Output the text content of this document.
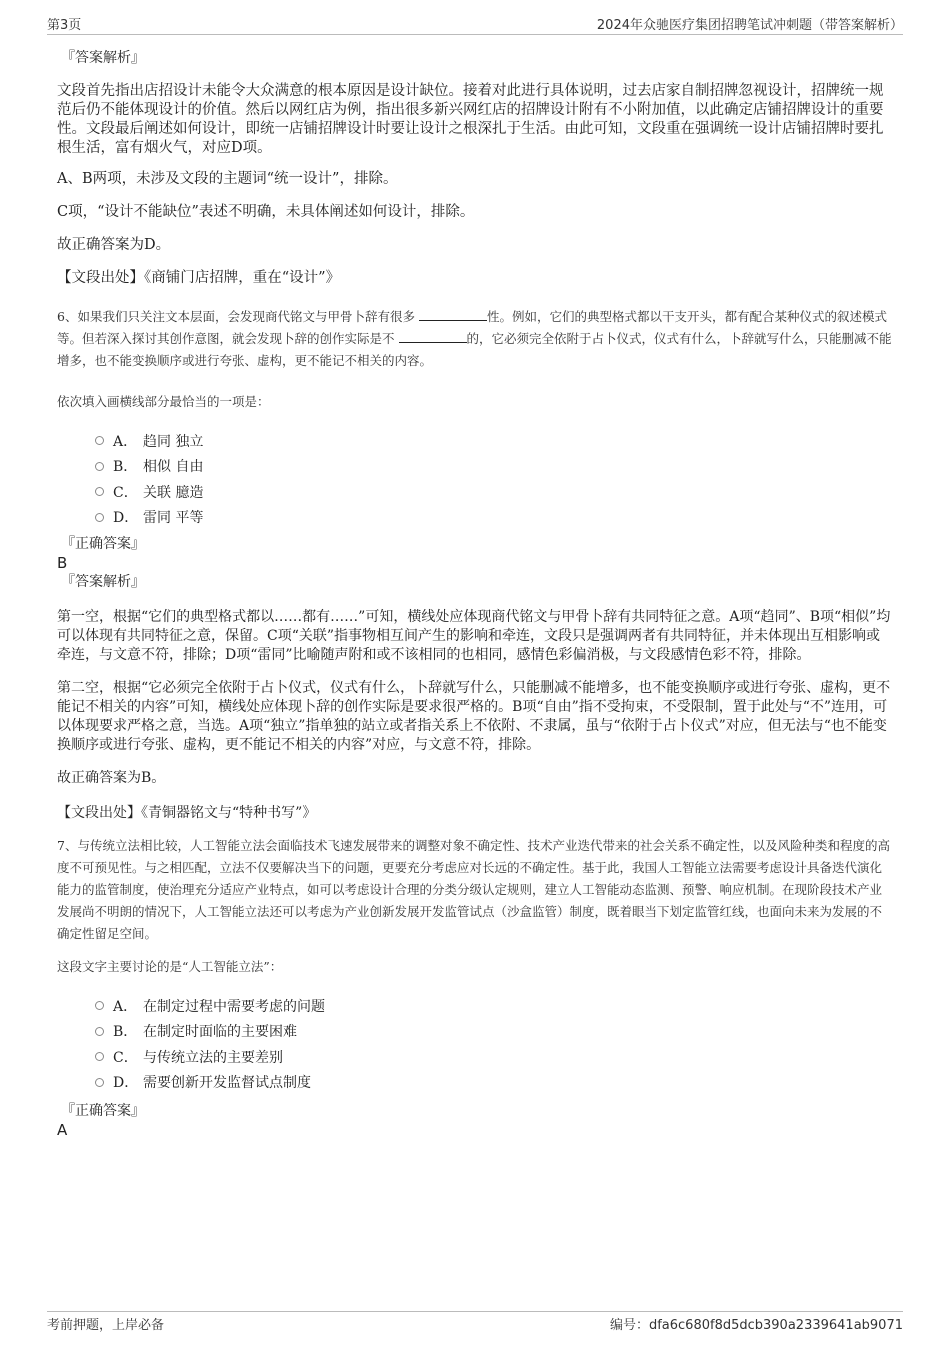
第3页	2024年众驰医疗集团招聘笔试冲刺题（带答案解析）
『答案解析』

文段首先指出店招设计未能令大众满意的根本原因是设计缺位。接着对此进行具体说明，过去店家自制招牌忽视设计，招牌统一规范后仍不能体现设计的价值。然后以网红店为例，指出很多新兴网红店的招牌设计附有不小附加值，以此确定店铺招牌设计的重要性。文段最后阐述如何设计，即统一店铺招牌设计时要让设计之根深扎于生活。由此可知，文段重在强调统一设计店铺招牌时要扎根生活，富有烟火气，对应D项。

A、B两项，未涉及文段的主题词“统一设计”，排除。

C项，“设计不能缺位”表述不明确，未具体阐述如何设计，排除。

故正确答案为D。

【文段出处】《商铺门店招牌，重在“设计”》

6、如果我们只关注文本层面，会发现商代铭文与甲骨卜辞有很多	性。例如，它们的典型格式都以干支开头，都有配合某种仪式的叙述模式等。但若深入探讨其创作意图，就会发现卜辞的创作实际是不	的，它必须完全依附于占卜仪式，仪式有什么，卜辞就写什么，只能删减不能增多，也不能变换顺序或进行夸张、虚构，更不能记不相关的内容。

依次填入画横线部分最恰当的一项是：

A． 趋同 独立
B． 相似 自由
C． 关联 臆造
D． 雷同 平等
『正确答案』
B
『答案解析』

第一空，根据“它们的典型格式都以……都有……”可知，横线处应体现商代铭文与甲骨卜辞有共同特征之意。A项“趋同”、B项“相似”均可以体现有共同特征之意，保留。C项“关联”指事物相互间产生的影响和牵连，文段只是强调两者有共同特征，并未体现出互相影响或牵连，与文意不符，排除；D项“雷同”比喻随声附和或不该相同的也相同，感情色彩偏消极，与文段感情色彩不符，排除。

第二空，根据“它必须完全依附于占卜仪式，仪式有什么，卜辞就写什么，只能删减不能增多，也不能变换顺序或进行夸张、虚构，更不能记不相关的内容”可知，横线处应体现卜辞的创作实际是要求很严格的。B项“自由”指不受拘束，不受限制，置于此处与“不”连用，可以体现要求严格之意，当选。A项“独立”指单独的站立或者指关系上不依附、不隶属，虽与“依附于占卜仪式”对应，但无法与“也不能变换顺序或进行夸张、虚构，更不能记不相关的内容”对应，与文意不符，排除。

故正确答案为B。

【文段出处】《青铜器铭文与“特种书写”》

7、与传统立法相比较，人工智能立法会面临技术飞速发展带来的调整对象不确定性、技术产业迭代带来的社会关系不确定性，以及风险种类和程度的高度不可预见性。与之相匹配，立法不仅要解决当下的问题，更要充分考虑应对长远的不确定性。基于此，我国人工智能立法需要考虑设计具备迭代演化能力的监管制度，使治理充分适应产业特点，如可以考虑设计合理的分类分级认定规则，建立人工智能动态监测、预警、响应机制。在现阶段技术产业发展尚不明朗的情况下，人工智能立法还可以考虑为产业创新发展开发监管试点（沙盒监管）制度，既着眼当下划定监管红线，也面向未来为发展的不确定性留足空间。

这段文字主要讨论的是“人工智能立法”：

A． 在制定过程中需要考虑的问题
B． 在制定时面临的主要困难
C． 与传统立法的主要差别
D． 需要创新开发监督试点制度
『正确答案』
A
考前押题，上岸必备	编号：dfa6c680f8d5dcb390a2339641ab9071
